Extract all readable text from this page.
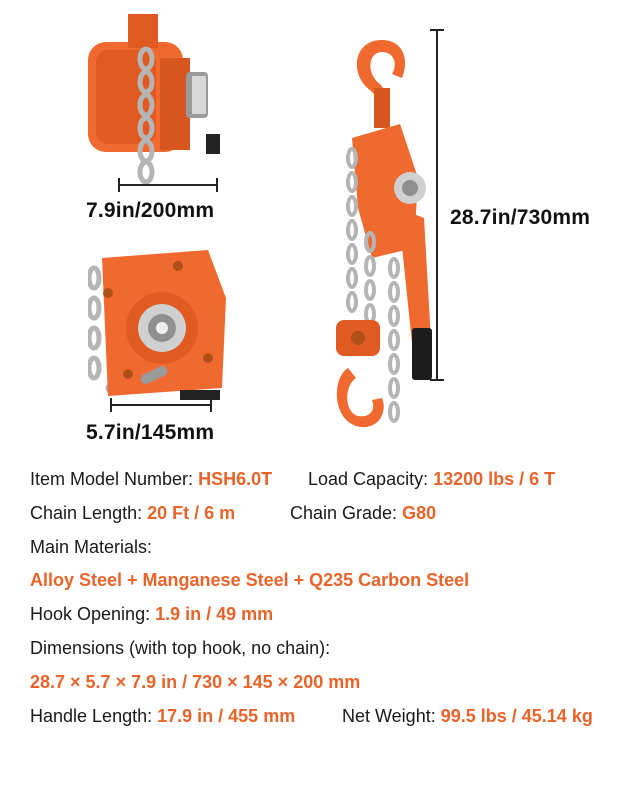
7.9in/200mm
5.7in/145mm
28.7in/730mm
Item Model Number: HSH6.0T Load Capacity: 13200 lbs / 6 T
Chain Length: 20 Ft / 6 m	Chain Grade: G80
Main Materials:
Alloy Steel + Manganese Steel + Q235 Carbon Steel
Hook Opening: 1.9 in / 49 mm
Dimensions (with top hook, no chain):
28.7 × 5.7 × 7.9 in / 730 × 145 × 200 mm
Handle Length: 17.9 in / 455 mm	Net Weight: 99.5 lbs / 45.14 kg
